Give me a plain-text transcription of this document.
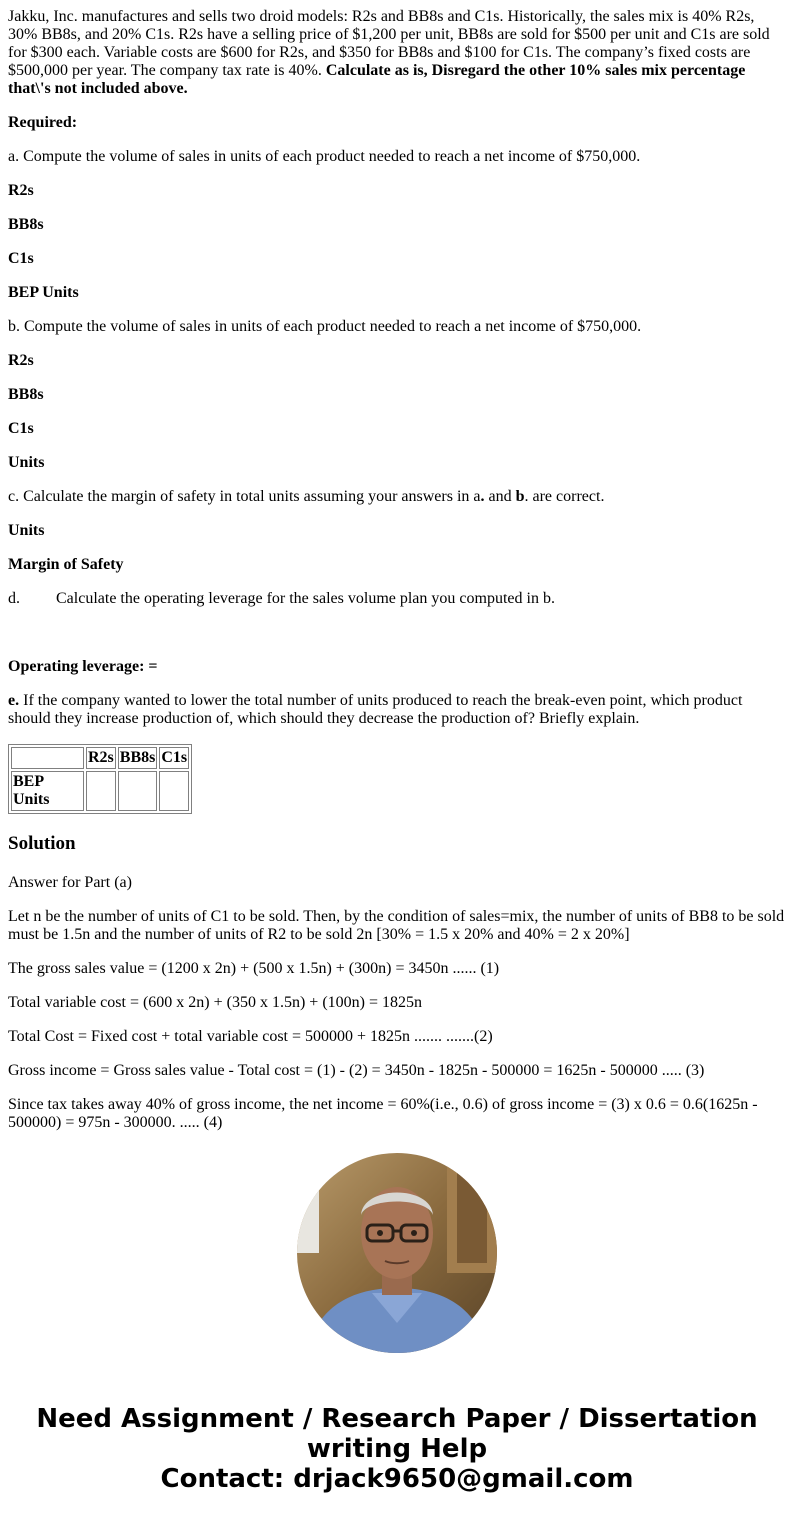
Jakku, Inc. manufactures and sells two droid models: R2s and BB8s and C1s. Historically, the sales mix is 40% R2s, 30% BB8s, and 20% C1s. R2s have a selling price of $1,200 per unit, BB8s are sold for $500 per unit and C1s are sold for $300 each. Variable costs are $600 for R2s, and $350 for BB8s and $100 for C1s. The company’s fixed costs are $500,000 per year. The company tax rate is 40%. Calculate as is, Disregard the other 10% sales mix percentage that\'s not included above.

Required:

a. Compute the volume of sales in units of each product needed to reach a net income of $750,000.

R2s

BB8s

C1s

BEP Units

b. Compute the volume of sales in units of each product needed to reach a net income of $750,000.

R2s

BB8s

C1s

Units

c. Calculate the margin of safety in total units assuming your answers in a. and b. are correct.

Units

Margin of Safety

d.	Calculate the operating leverage for the sales volume plan you computed in b.

Operating leverage: =

e. If the company wanted to lower the total number of units produced to reach the break-even point, which product should they increase production of, which should they decrease the production of? Briefly explain.

	R2s	BB8s	C1s
BEP Units			
Solution

Answer for Part (a)

Let n be the number of units of C1 to be sold. Then, by the condition of sales=mix, the number of units of BB8 to be sold must be 1.5n and the number of units of R2 to be sold 2n [30% = 1.5 x 20% and 40% = 2 x 20%]

The gross sales value = (1200 x 2n) + (500 x 1.5n) + (300n) = 3450n ...... (1)

Total variable cost = (600 x 2n) + (350 x 1.5n) + (100n) = 1825n

Total Cost = Fixed cost + total variable cost = 500000 + 1825n ....... .......(2)

Gross income = Gross sales value - Total cost = (1) - (2) = 3450n - 1825n - 500000 = 1625n - 500000 ..... (3)

Since tax takes away 40% of gross income, the net income = 60%(i.e., 0.6) of gross income = (3) x 0.6 = 0.6(1625n - 500000) = 975n - 300000. ..... (4)

Need Assignment / Research Paper / Dissertation
writing Help
Contact: drjack9650@gmail.com
